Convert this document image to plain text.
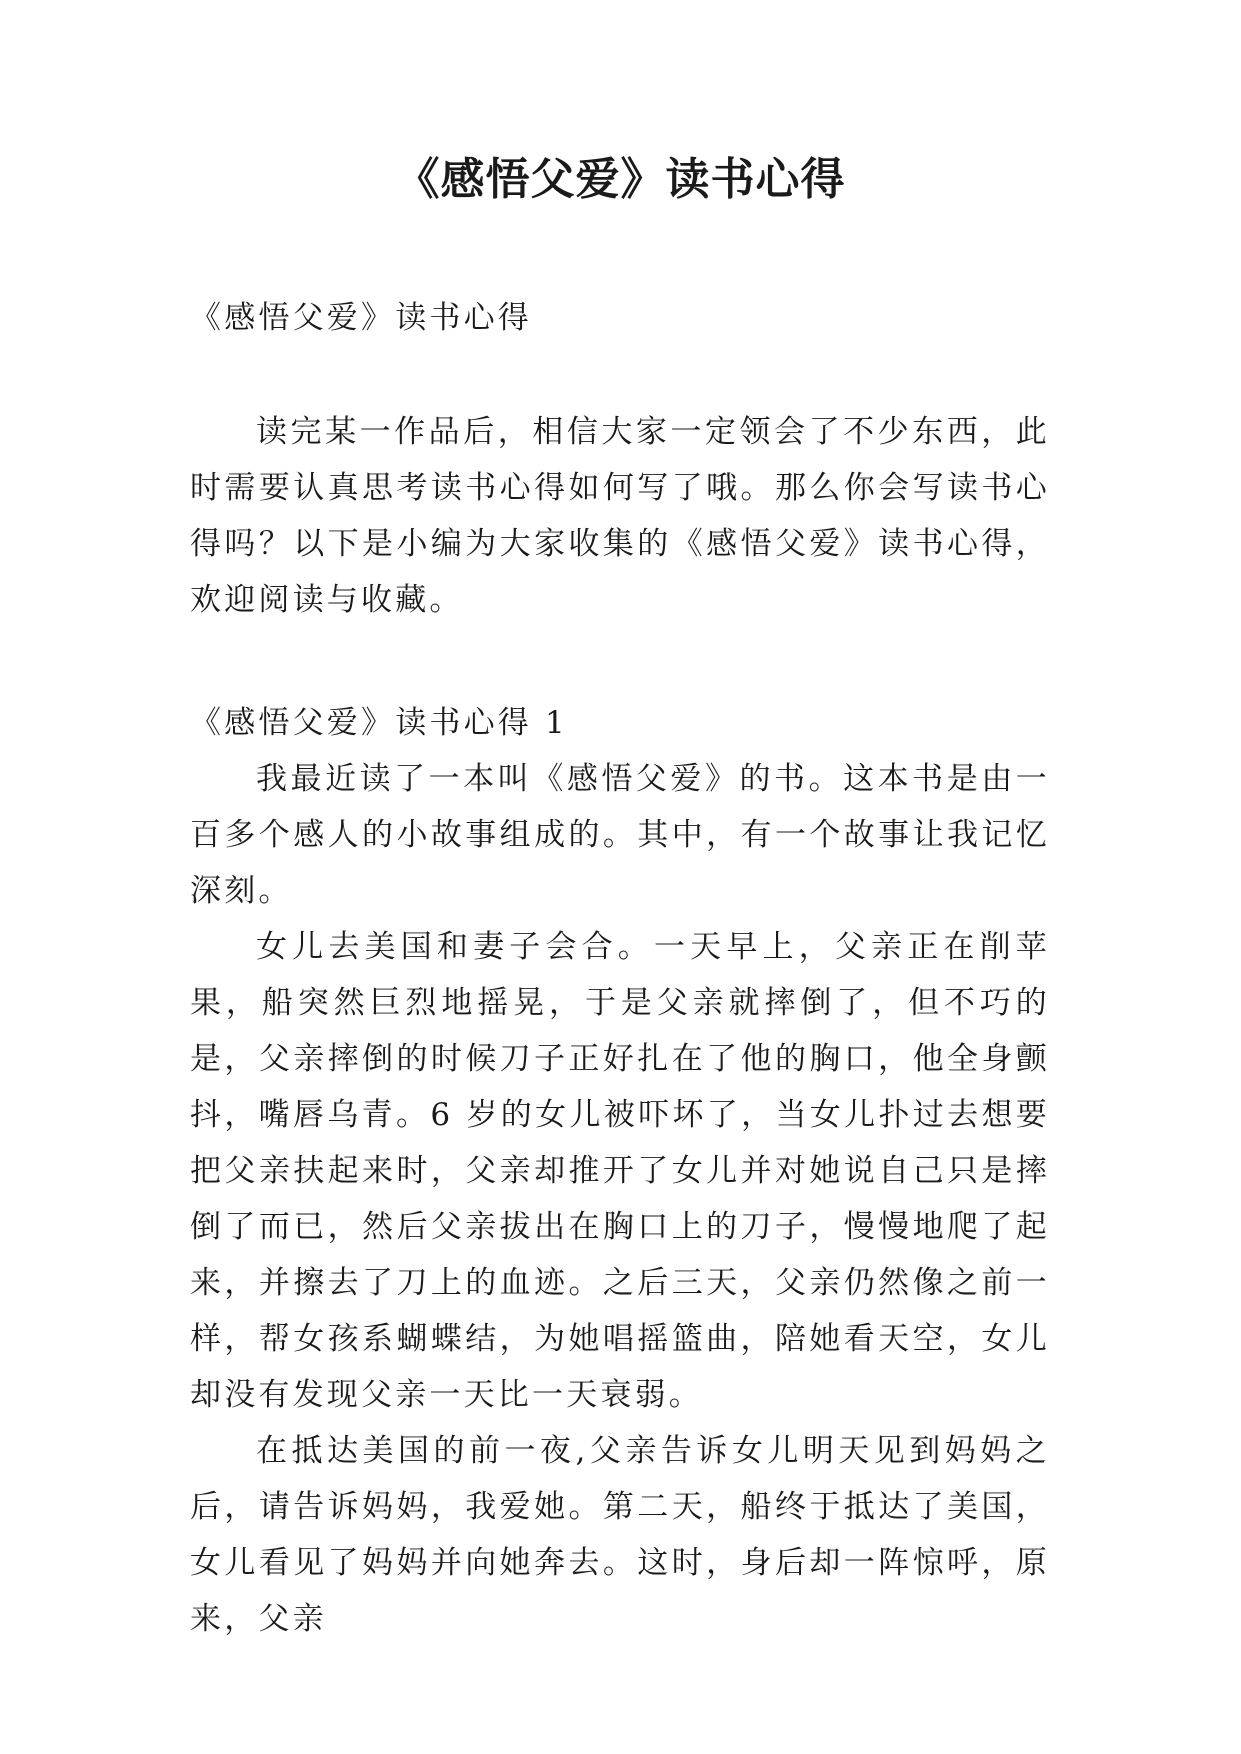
《感悟父爱》读书心得

《感悟父爱》读书心得

读完某一作品后，相信大家一定领会了不少东西，此时需要认真思考读书心得如何写了哦。那么你会写读书心得吗？以下是小编为大家收集的《感悟父爱》读书心得，欢迎阅读与收藏。

《感悟父爱》读书心得 1

我最近读了一本叫《感悟父爱》的书。这本书是由一百多个感人的小故事组成的。其中，有一个故事让我记忆深刻。

女儿去美国和妻子会合。一天早上，父亲正在削苹果，船突然巨烈地摇晃，于是父亲就摔倒了，但不巧的是，父亲摔倒的时候刀子正好扎在了他的胸口，他全身颤抖，嘴唇乌青。6 岁的女儿被吓坏了，当女儿扑过去想要把父亲扶起来时，父亲却推开了女儿并对她说自己只是摔倒了而已，然后父亲拔出在胸口上的刀子，慢慢地爬了起来，并擦去了刀上的血迹。之后三天，父亲仍然像之前一样，帮女孩系蝴蝶结，为她唱摇篮曲，陪她看天空，女儿却没有发现父亲一天比一天衰弱。

在抵达美国的前一夜,父亲告诉女儿明天见到妈妈之后，请告诉妈妈，我爱她。第二天，船终于抵达了美国，女儿看见了妈妈并向她奔去。这时，身后却一阵惊呼，原来，父亲
